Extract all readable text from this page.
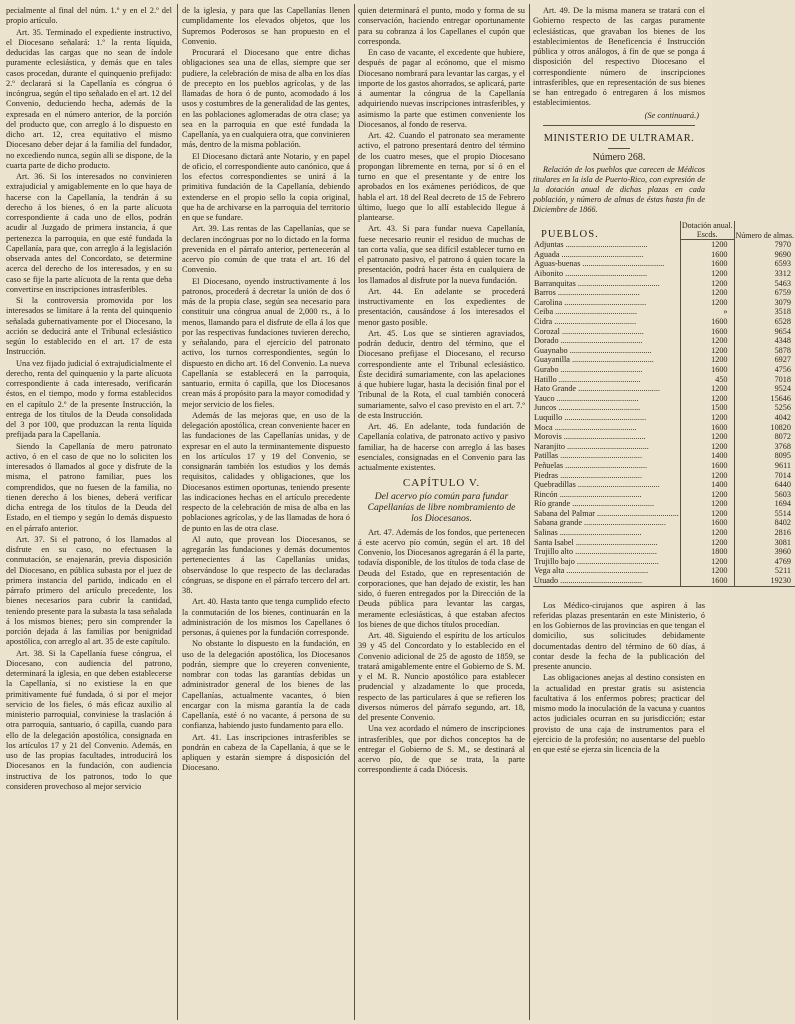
pecialmente al final del núm. 1.º y en el 2.º del propio artículo.

Art. 35. Terminado el expediente instructivo, el Diocesano señalará: 1.º la renta líquida, deducidas las cargas que no sean de índole puramente eclesiástica, y demás que en tales casos procedan, durante el quinquenio prefijado: 2.º declarará si la Capellanía es cóngrua ó incóngrua, según el tipo señalado en el art. 12 del Convenio, deduciendo hecha, además de la expresada en el número anterior, de la porción del producto que, con arreglo á lo dispuesto en dicho art. 12, crea equitativo el mismo Diocesano deber dejar á la familia del fundador, no excediendo nunca, según alli se dispone, de la cuarta parte de dicho producto.

Art. 36. Si los interesados no convinieren extrajudicial y amigablemente en lo que haya de hacerse con la Capellanía, la tendrán á su derecho á los bienes, ó en la parte alícuota correspondiente á cada uno de ellos, podrán acudir al Juzgado de primera instancia, á que pertenezca la parroquia, en que esté fundada la Capellanía, para que, con arreglo á la legislación observada antes del Concordato, se determine acerca del derecho de los interesados, y en su caso se fije la parte alícuota de la renta que deba convertirse en inscripciones intrasferibles.

Si la controversia promovida por los interesados se limitare á la renta del quinquenio señalada gubernativamente por el Diocesano, la acción se deducirá ante el Tribunal eclesiástico según lo establecido en el art. 17 de esta Instrucción.

Una vez fijado judicial ó extrajudicialmente el derecho, renta del quinquenio y la parte alícuota correspondiente á cada interesado, verificarán éstos, en el tiempo, modo y forma establecidos en el capítulo 2.º de la presente Instrucción, la entrega de los títulos de la Deuda consolidada del 3 por 100, que produzcan la renta líquida prefijada para la Capellanía.

Siendo la Capellanía de mero patronato activo, ó en el caso de que no lo soliciten los interesados ó llamados al goce y disfrute de la misma, el patrono familiar, pues los comprendidos, que no fuesen de la familia, no tienen derecho á los bienes, deberá verificar dicha entrega de los títulos de la Deuda del Estado, en el tiempo y según lo demás dispuesto en el párrafo anterior.

Art. 37. Si el patrono, ó los llamados al disfrute en su caso, no efectuasen la conmutación, se enajenarán, previa disposición del Diocesano, en pública subasta por el juez de primera instancia del partido, indicado en el párrafo primero del artículo precedente, los bienes necesarios para cubrir la cantidad, teniendo presente para la subasta la tasa señalada á los mismos bienes; pero sin comprender la porción dejada á las familias por benignidad apostólica, con arreglo al art. 35 de este capítulo.

Art. 38. Si la Capellanía fuese cóngrua, el Diocesano, con audiencia del patrono, determinará la iglesia, en que deben establecerse la Capellanía, si no existiese la en que primitivamente fué fundada, ó si por el mejor servicio de los fieles, ó más eficaz auxilio al ministerio parroquial, conviniese la traslación á otra parroquia, santuario, ó capilla, cuando para ello de la delegación apostólica, consignada en los artículos 17 y 21 del Convenio. Además, en uso de las propias facultades, introducirá los Diocesanos en la fundación, con audiencia instructiva de los patronos, todo lo que consideren provechoso al mejor servicio

de la iglesia, y para que las Capellanías llenen cumplidamente los elevados objetos, que los Supremos Poderosos se han propuesto en el Convenio.

Procurará el Diocesano que entre dichas obligaciones sea una de ellas, siempre que ser pudiere, la celebración de misa de alba en los días de precepto en los pueblos agrícolas, y de las llamadas de hora ó de punto, acomodado á los usos y costumbres de la generalidad de las gentes, en las poblaciones aglomeradas de otra clase; ya sea en la parroquia en que esté fundada la Capellanía, ya en cualquiera otra, que convinieren más, dentro de la misma población.

El Diocesano dictará ante Notario, y en papel de oficio, el correspondiente auto canónico, que á los efectos correspondientes se unirá á la primitiva fundación de la Capellanía, debiendo extenderse en el propio sello la copia original, que ha de archivarse en la parroquia del territorio en que se fundare.

Art. 39. Las rentas de las Capellanías, que se declaren incóngruas por no lo dictado en la forma prevenida en el párrafo anterior, pertenecerán al acervo pío común de que trata el art. 16 del Convenio.

El Diocesano, oyendo instructivamente á los patronos, procederá á decretar la unión de dos ó más de la propia clase, según sea necesario para constituir una cóngrua anual de 2,000 rs., á lo menos, llamando para el disfrute de ella á los que por las respectivas fundaciones tuvieren derecho, y señalando, para el ejercicio del patronato activo, los turnos correspondientes, según lo dispuesto en dicho art. 16 del Convenio. La nueva Capellanía se establecerá en la parroquia, santuario, ermita ó capilla, que los Diocesanos crean más á propósito para la mayor comodidad y mejor servicio de los fieles.

Además de las mejoras que, en uso de la delegación apostólica, crean conveniente hacer en las fundaciones de las Capellanías unidas, y de expresar en el auto la terminantemente dispuesto en los artículos 17 y 19 del Convenio, se consignarán también los estudios y los demás requisitos, calidades y obligaciones, que los Diocesanos estimen oportunas, teniendo presente las indicaciones hechas en el artículo precedente respecto de la celebración de misa de alba en las poblaciones agrícolas, y de las llamadas de hora ó de punto en las de otra clase.

Al auto, que provean los Diocesanos, se agregarán las fundaciones y demás documentos pertenecientes á las Capellanías unidas, observándose lo que respecto de las declaradas cóngruas, se dispone en el párrafo tercero del art. 38.

Art. 40. Hasta tanto que tenga cumplido efecto la conmutación de los bienes, continuarán en la administración de los mismos los Capellanes ó personas, á quienes por la fundación corresponde.

No obstante lo dispuesto en la fundación, en uso de la delegación apostólica, los Diocesanos podrán, siempre que lo creyeren conveniente, nombrar con todas las garantías debidas un administrador general de los bienes de las Capellanías, actualmente vacantes, ó bien encargar con la misma garantía la de cada Capellanía, esté ó no vacante, á persona de su confianza, habiendo justo fundamento para ello.

Art. 41. Las inscripciones intrasferibles se pondrán en cabeza de la Capellanía, á que se le apliquen y estarán siempre á disposición del Diocesano.

quien determinará el punto, modo y forma de su conservación, haciendo entregar oportunamente para su cobranza á los Capellanes el cupón que corresponda.

En caso de vacante, el excedente que hubiere, después de pagar al ecónomo, que el mismo Diocesano nombrará para levantar las cargas, y el importe de los gastos ahorrados, se aplicará, parte á aumentar la cóngrua de la Capellanía adquiriendo nuevas inscripciones intrasferibles, y asimismo la parte que estimen conveniente los Diocesanos, al fondo de reserva.

Art. 42. Cuando el patronato sea meramente activo, el patrono presentará dentro del término de los cuatro meses, que el propio Diocesano propongan libremente en terna, por sí ó en el turno en que el presentante y de entre los aprobados en los exámenes periódicos, de que habla el art. 18 del Real decreto de 15 de Febrero último, luego que lo allí establecido llegue á plantearse.

Art. 43. Si para fundar nueva Capellanía, fuese necesario reunir el residuo de muchas de tan corta valía, que sea difícil establecer turno en el patronato pasivo, el patrono á quien tocare la presentación, podrá hacer ésta en cualquiera de los llamados al disfrute por la nueva fundación.

Art. 44. En adelante se procederá instructivamente en los expedientes de presentación, causándose á los interesados el menor gasto posible.

Art. 45. Los que se sintieren agraviados, podrán deducir, dentro del término, que el Diocesano prefijase el Diocesano, el recurso correspondiente ante el Tribunal eclesiástico. Éste decidirá sumariamente, con las apelaciones á que hubiere lugar, hasta la decisión final por el Tribunal de la Rota, el cual también conocerá sumariamente, salvo el caso previsto en el art. 7.º de esta Instrucción.

Art. 46. En adelante, toda fundación de Capellanía colativa, de patronato activo y pasivo familiar, ha de hacerse con arreglo á las bases esenciales, consignadas en el Convenio para las actualmente existentes.

CAPÍTULO V.
Del acervo pío común para fundar Capellanías de libre nombramiento de los Diocesanos.

Art. 47. Además de los fondos, que pertenecen á este acervo pío común, según el art. 18 del Convenio, los Diocesanos agregarán á él la parte, todavía disponible, de los títulos de toda clase de Deuda del Estado, que en representación de corporaciones, que han dejado de existir, les han sido, ó fueren entregados por la Dirección de la Deuda pública para levantar las cargas, meramente eclesiásticas, á que estaban afectos los bienes de que dichos títulos procedían.

Art. 48. Siguiendo el espíritu de los artículos 39 y 45 del Concordato y lo establecido en el Convenio adicional de 25 de agosto de 1859, se tratará amigablemente entre el Gobierno de S. M. y el M. R. Nuncio apostólico para establecer prudencial y alzadamente lo que proceda, respecto de las particulares á que se refieren los diversos números del párrafo segundo, art. 18, del presente Convenio.

Una vez acordado el número de inscripciones intrasferibles, que por dichos conceptos ha de entregar el Gobierno de S. M., se destinará al acervo pío, de que se trata, la parte correspondiente á cada Diócesis.

Art. 49. De la misma manera se tratará con el Gobierno respecto de las cargas puramente eclesiásticas, que gravaban los bienes de los establecimientos de Beneficencia é Instrucción pública y otros análogos, á fin de que se ponga á disposición del respectivo Diocesano el correspondiente número de inscripciones intrasferibles, que en representación de sus bienes se han entregado ó entregaren á los mismos establecimientos.

(Se continuará.)
MINISTERIO DE ULTRAMAR.
Número 268.
Relación de los pueblos que carecen de Médicos titulares en la isla de Puerto-Rico, con expresión de la dotación anual de dichas plazas en cada población, y número de almas de éstas hasta fin de Diciembre de 1866.
PUEBLOS.	Dotación anual.	Número de almas.
	Escds.	
Adjuntas ........................................	1200	7970
Aguada ........................................	1600	9690
Aguas-buenas ........................................	1600	6593
Aibonito ........................................	1200	3312
Barranquitas ........................................	1200	5463
Barros ........................................	1200	6759
Carolina ........................................	1200	3079
Ceiba ........................................	»	3518
Cidra ........................................	1600	6528
Corozal ........................................	1600	9654
Dorado ........................................	1200	4348
Guaynabo ........................................	1200	5878
Guayanilla ........................................	1200	6927
Gurabo ........................................	1600	4756
Hatillo ........................................	450	7018
Hato Grande ........................................	1200	9524
Yauco ........................................	1200	15646
Juncos ........................................	1500	5256
Luquillo ........................................	1200	4042
Moca ........................................	1600	10820
Morovis ........................................	1200	8072
Naranjito ........................................	1200	3768
Patillas ........................................	1400	8095
Peñuelas ........................................	1600	9611
Piedras ........................................	1200	7014
Quebradillas ........................................	1400	6440
Rincón ........................................	1200	5603
Río grande ........................................	1200	1694
Sabana del Palmar ........................................	1200	5514
Sabana grande ........................................	1600	8402
Salinas ........................................	1200	2816
Santa Isabel ........................................	1200	3081
Trujillo alto ........................................	1800	3960
Trujillo bajo ........................................	1200	4769
Vega alta ........................................	1200	5211
Utuado ........................................	1600	19230

Los Médico-cirujanos que aspiren á las referidas plazas presentarán en este Ministerio, ó en los Gobiernos de las provincias en que tengan el domicilio, sus solicitudes debidamente documentadas dentro del término de 60 días, á contar desde la fecha de la publicación del presente anuncio.

Las obligaciones anejas al destino consisten en la actualidad en prestar gratis su asistencia facultativa á los enfermos pobres; practicar del mismo modo la inoculación de la vacuna y cuantos actos judiciales ocurran en su jurisdicción; estar provisto de una caja de instrumentos para el ejercicio de la profesión; no ausentarse del pueblo en que esté se ejerza sin licencia de la
